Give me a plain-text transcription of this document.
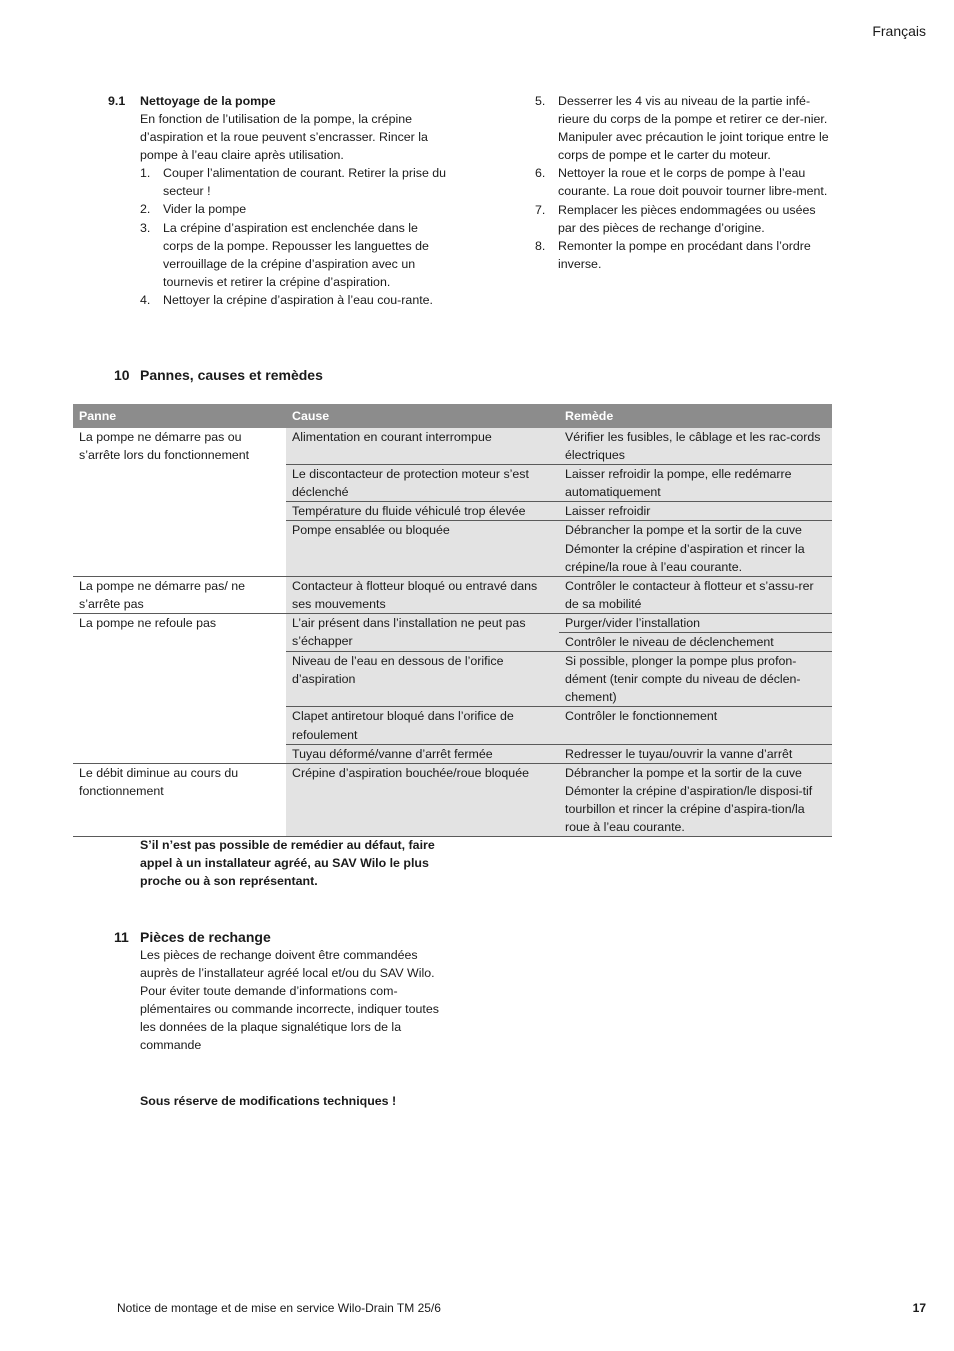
Français
9.1 Nettoyage de la pompe
En fonction de l’utilisation de la pompe, la crépine d’aspiration et la roue peuvent s’encrasser. Rincer la pompe à l’eau claire après utilisation.
1. Couper l’alimentation de courant. Retirer la prise du secteur !
2. Vider la pompe
3. La crépine d’aspiration est enclenchée dans le corps de la pompe. Repousser les languettes de verrouillage de la crépine d’aspiration avec un tournevis et retirer la crépine d’aspiration.
4. Nettoyer la crépine d’aspiration à l’eau cou-rante.
5. Desserrer les 4 vis au niveau de la partie infé-rieure du corps de la pompe et retirer ce der-nier. Manipuler avec précaution le joint torique entre le corps de pompe et le carter du moteur.
6. Nettoyer la roue et le corps de pompe à l’eau courante. La roue doit pouvoir tourner libre-ment.
7. Remplacer les pièces endommagées ou usées par des pièces de rechange d’origine.
8. Remonter la pompe en procédant dans l’ordre inverse.
10 Pannes, causes et remèdes
Panne	Cause	Remède
La pompe ne démarre pas ou s’arrête lors du fonctionnement	Alimentation en courant interrompue	Vérifier les fusibles, le câblage et les rac-cords électriques
	Le discontacteur de protection moteur s’est déclenché	Laisser refroidir la pompe, elle redémarre automatiquement
	Température du fluide véhiculé trop élevée	Laisser refroidir
	Pompe ensablée ou bloquée	Débrancher la pompe et la sortir de la cuve Démonter la crépine d’aspiration et rincer la crépine/la roue à l’eau courante.
La pompe ne démarre pas/ ne s’arrête pas	Contacteur à flotteur bloqué ou entravé dans ses mouvements	Contrôler le contacteur à flotteur et s’assu-rer de sa mobilité
La pompe ne refoule pas	L’air présent dans l’installation ne peut pas s’échapper	Purger/vider l’installation
		Contrôler le niveau de déclenchement
	Niveau de l’eau en dessous de l’orifice d’aspiration	Si possible, plonger la pompe plus profon-dément (tenir compte du niveau de déclen-chement)
	Clapet antiretour bloqué dans l’orifice de refoulement	Contrôler le fonctionnement
	Tuyau déformé/vanne d’arrêt fermée	Redresser le tuyau/ouvrir la vanne d’arrêt
Le débit diminue au cours du fonctionnement	Crépine d’aspiration bouchée/roue bloquée	Débrancher la pompe et la sortir de la cuve Démonter la crépine d’aspiration/le disposi-tif tourbillon et rincer la crépine d’aspira-tion/la roue à l’eau courante.
S’il n’est pas possible de remédier au défaut, faire appel à un installateur agréé, au SAV Wilo le plus proche ou à son représentant.
11 Pièces de rechange
Les pièces de rechange doivent être commandées auprès de l’installateur agréé local et/ou du SAV Wilo.
Pour éviter toute demande d’informations com-plémentaires ou commande incorrecte, indiquer toutes les données de la plaque signalétique lors de la commande
Sous réserve de modifications techniques !
Notice de montage et de mise en service Wilo-Drain TM 25/6	17
